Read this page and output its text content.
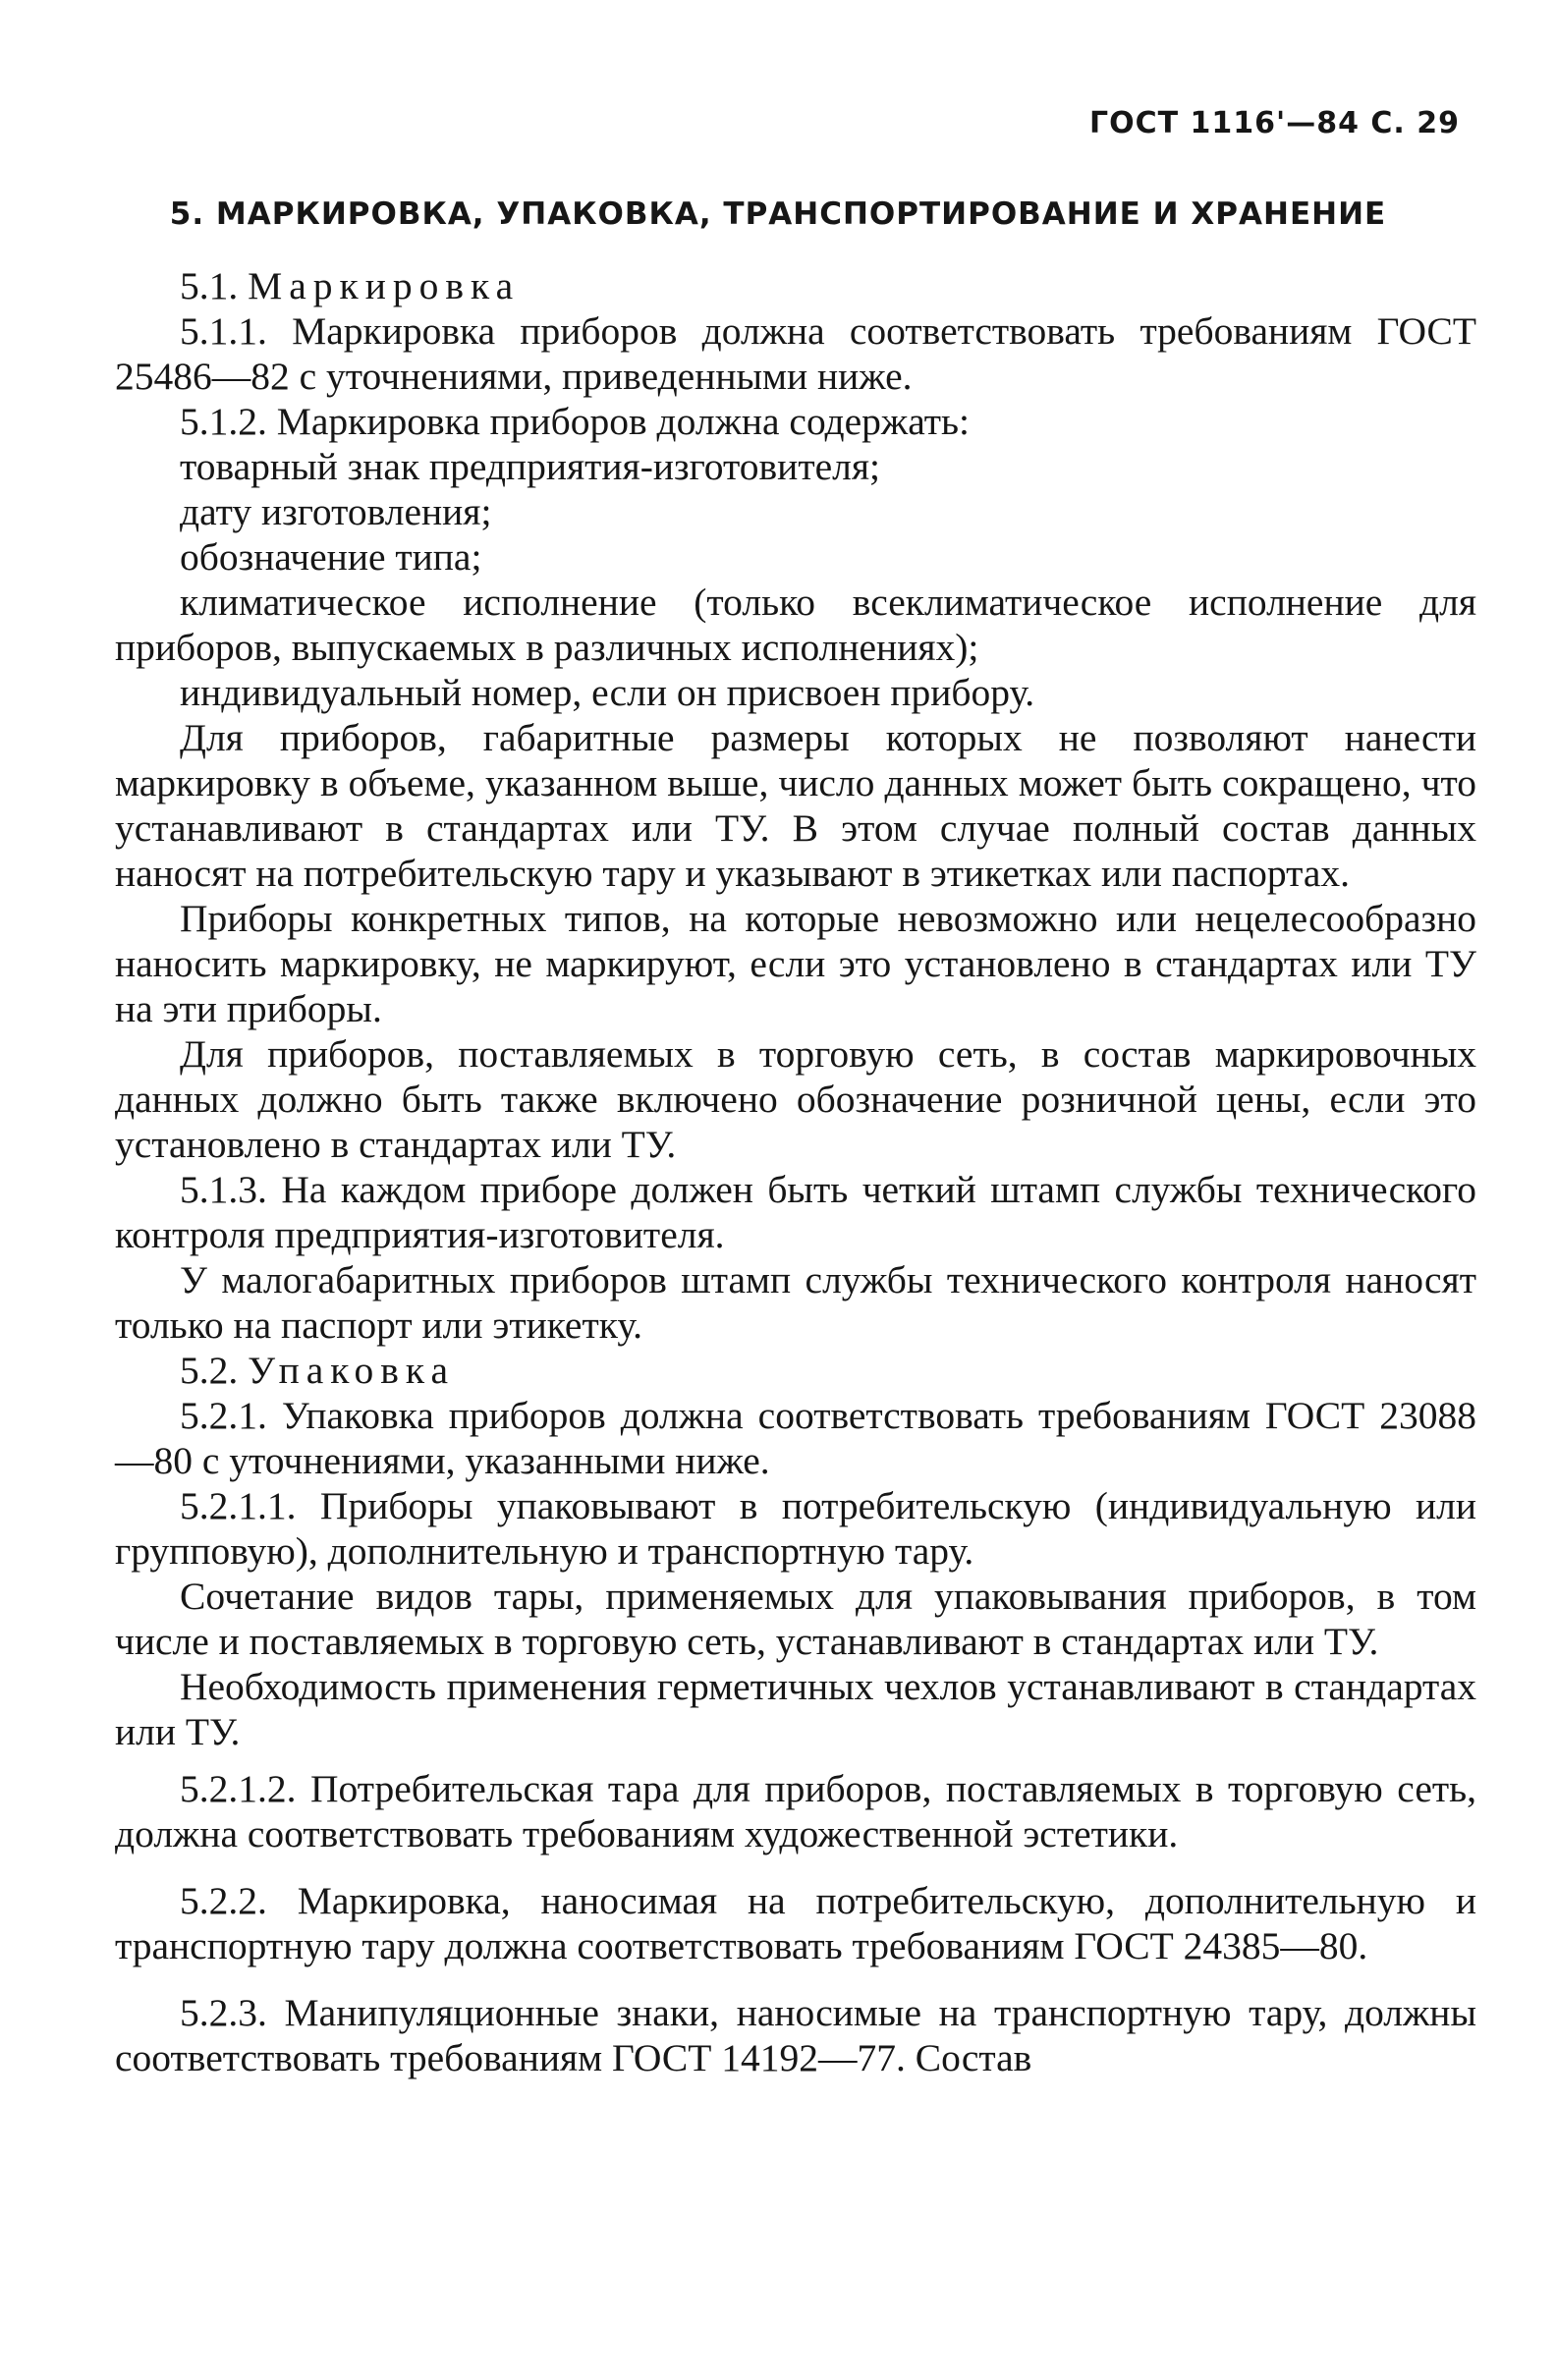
ГОСТ 1116'—84 С. 29
5. МАРКИРОВКА, УПАКОВКА, ТРАНСПОРТИРОВАНИЕ И ХРАНЕНИЕ

5.1. Маркировка

5.1.1. Маркировка приборов должна соответствовать требованиям ГОСТ 25486—82 с уточнениями, приведенными ниже.

5.1.2. Маркировка приборов должна содержать:

товарный знак предприятия-изготовителя;

дату изготовления;

обозначение типа;

климатическое исполнение (только всеклиматическое исполнение для приборов, выпускаемых в различных исполнениях);

индивидуальный номер, если он присвоен прибору.

Для приборов, габаритные размеры которых не позволяют нанести маркировку в объеме, указанном выше, число данных может быть сокращено, что устанавливают в стандартах или ТУ. В этом случае полный состав данных наносят на потребительскую тару и указывают в этикетках или паспортах.

Приборы конкретных типов, на которые невозможно или нецелесообразно наносить маркировку, не маркируют, если это установлено в стандартах или ТУ на эти приборы.

Для приборов, поставляемых в торговую сеть, в состав маркировочных данных должно быть также включено обозначение розничной цены, если это установлено в стандартах или ТУ.

5.1.3. На каждом приборе должен быть четкий штамп службы технического контроля предприятия-изготовителя.

У малогабаритных приборов штамп службы технического контроля наносят только на паспорт или этикетку.

5.2. Упаковка

5.2.1. Упаковка приборов должна соответствовать требованиям ГОСТ 23088—80 с уточнениями, указанными ниже.

5.2.1.1. Приборы упаковывают в потребительскую (индивидуальную или групповую), дополнительную и транспортную тару.

Сочетание видов тары, применяемых для упаковывания приборов, в том числе и поставляемых в торговую сеть, устанавливают в стандартах или ТУ.

Необходимость применения герметичных чехлов устанавливают в стандартах или ТУ.

5.2.1.2. Потребительская тара для приборов, поставляемых в торговую сеть, должна соответствовать требованиям художественной эстетики.

5.2.2. Маркировка, наносимая на потребительскую, дополнительную и транспортную тару должна соответствовать требованиям ГОСТ 24385—80.

5.2.3. Манипуляционные знаки, наносимые на транспортную тару, должны соответствовать требованиям ГОСТ 14192—77. Состав
